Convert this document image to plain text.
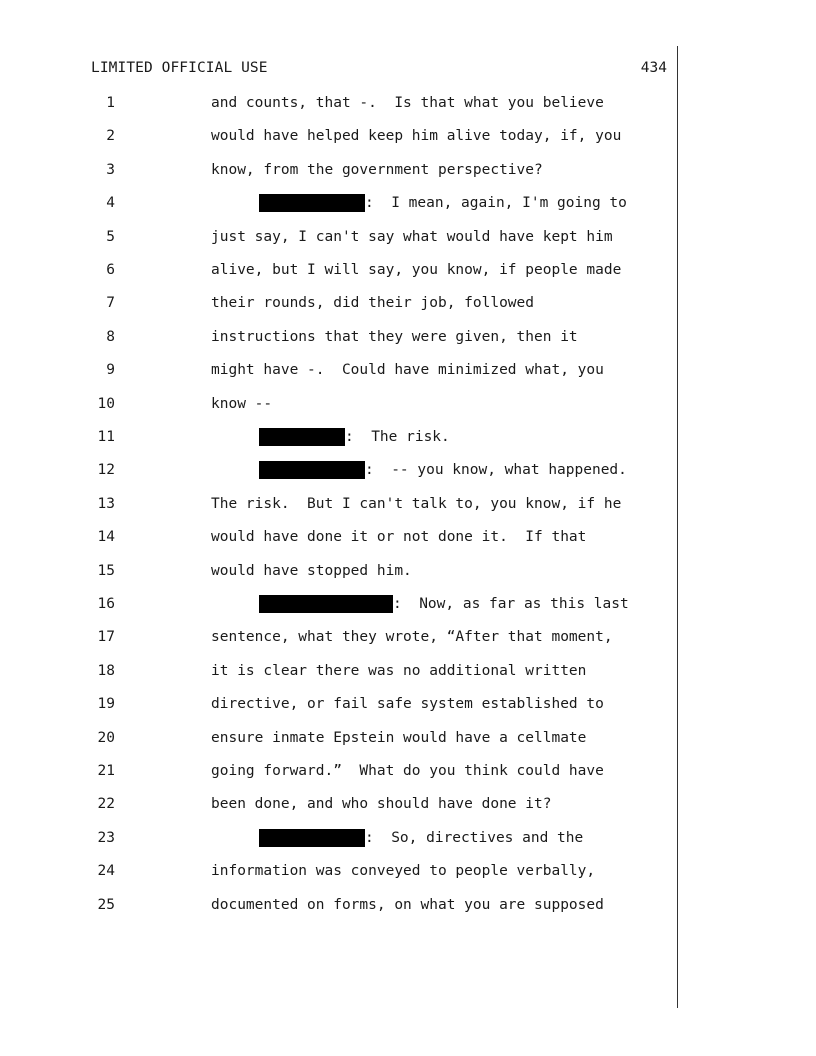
LIMITED OFFICIAL USE	434
1	and counts, that -.  Is that what you believe
2	would have helped keep him alive today, if, you
3	know, from the government perspective?
4	:  I mean, again, I'm going to
5	just say, I can't say what would have kept him
6	alive, but I will say, you know, if people made
7	their rounds, did their job, followed
8	instructions that they were given, then it
9	might have -.  Could have minimized what, you
10	know --
11	:  The risk.
12	:  -- you know, what happened.
13	The risk.  But I can't talk to, you know, if he
14	would have done it or not done it.  If that
15	would have stopped him.
16	:  Now, as far as this last
17	sentence, what they wrote, “After that moment,
18	it is clear there was no additional written
19	directive, or fail safe system established to
20	ensure inmate Epstein would have a cellmate
21	going forward.”  What do you think could have
22	been done, and who should have done it?
23	:  So, directives and the
24	information was conveyed to people verbally,
25	documented on forms, on what you are supposed
